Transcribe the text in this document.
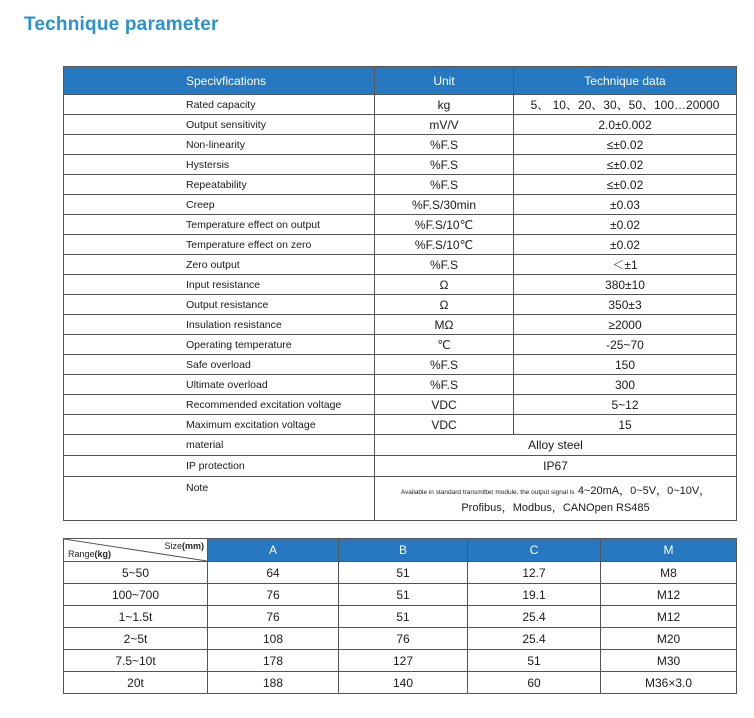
Technique parameter
Specivfications	Unit	Technique data
Rated capacity	kg	5、 10、20、30、50、100…20000
Output sensitivity	mV/V	2.0±0.002
Non-linearity	%F.S	≤±0.02
Hystersis	%F.S	≤±0.02
Repeatability	%F.S	≤±0.02
Creep	%F.S/30min	±0.03
Temperature effect on output	%F.S/10℃	±0.02
Temperature effect on zero	%F.S/10℃	±0.02
Zero output	%F.S	＜±1
Input resistance	Ω	380±10
Output resistance	Ω	350±3
Insulation resistance	MΩ	≥2000
Operating temperature	℃	-25~70
Safe overload	%F.S	150
Ultimate overload	%F.S	300
Recommended excitation voltage	VDC	5~12
Maximum excitation voltage	VDC	15
material	Alloy steel	
IP protection	IP67	
Note	Available in standard transmitter module, the output signal is 4~20mA，0~5V，0~10V，
Profibus，Modbus，CANOpen RS485	
Size(mm)
Range(kg)	A	B	C	M
5~50	64	51	12.7	M8
100~700	76	51	19.1	M12
1~1.5t	76	51	25.4	M12
2~5t	108	76	25.4	M20
7.5~10t	178	127	51	M30
20t	188	140	60	M36×3.0
